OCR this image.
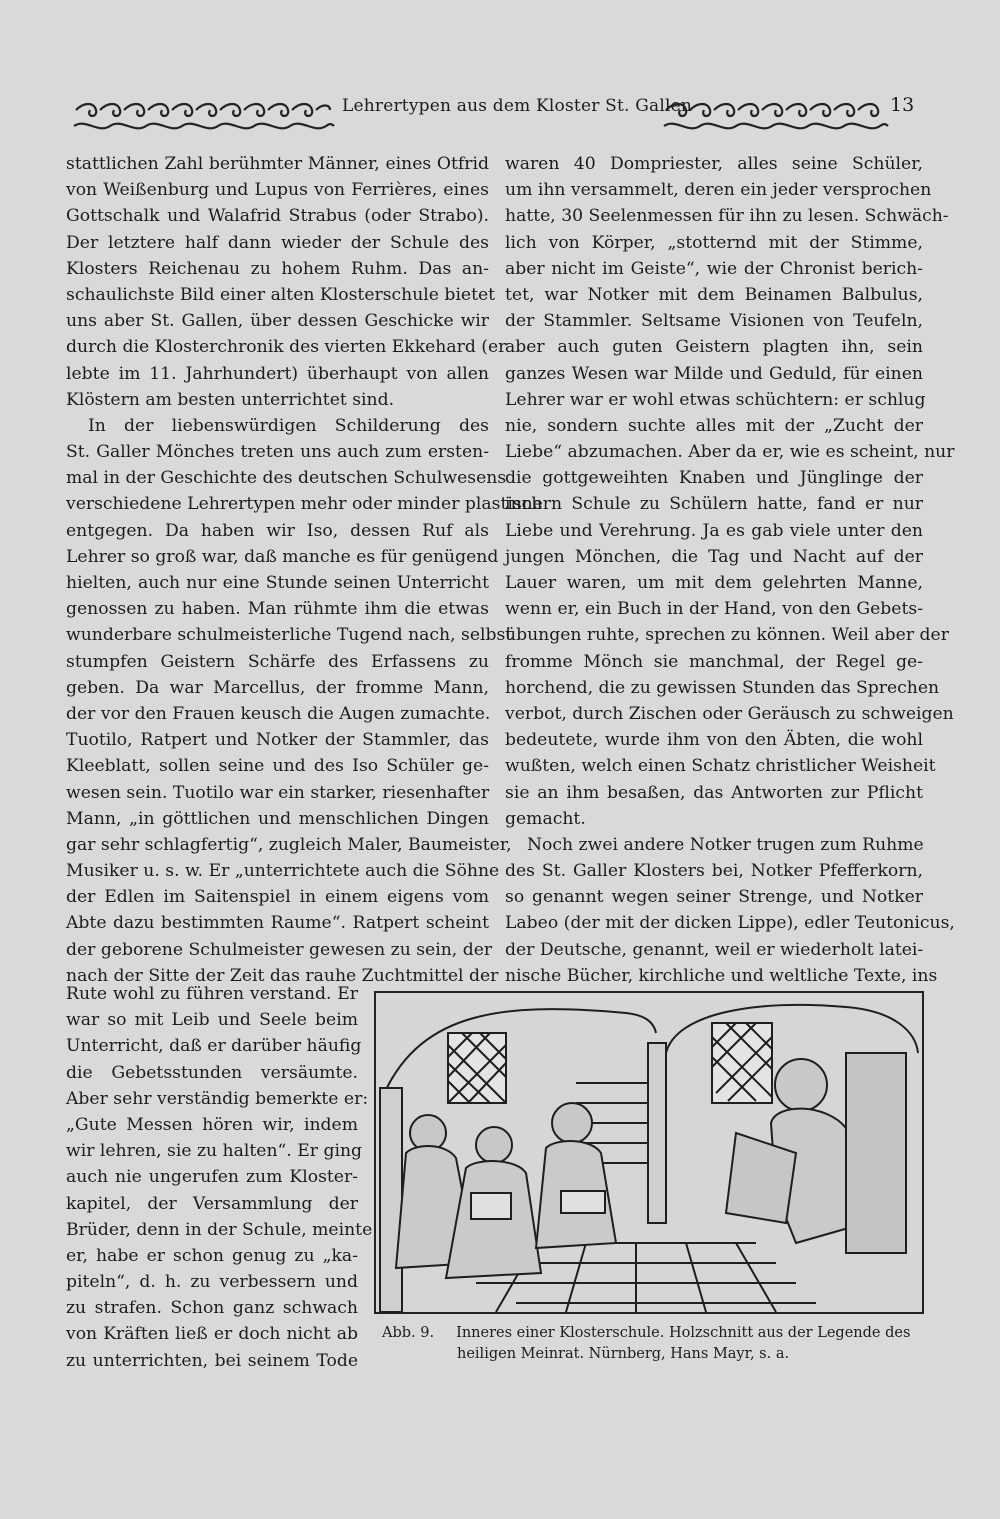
Lehrertypen aus dem Kloster St. Gallen	13
stattlichen Zahl berühmter Männer, eines Otfrid
von Weißenburg und Lupus von Ferrières, eines
Gottschalk und Walafrid Strabus (oder Strabo).
Der letztere half dann wieder der Schule des
Klosters Reichenau zu hohem Ruhm. Das an-
schaulichste Bild einer alten Klosterschule bietet
uns aber St. Gallen, über dessen Geschicke wir
durch die Klosterchronik des vierten Ekkehard (er
lebte im 11. Jahrhundert) überhaupt von allen
Klöstern am besten unterrichtet sind.
In der liebenswürdigen Schilderung des
St. Galler Mönches treten uns auch zum ersten-
mal in der Geschichte des deutschen Schulwesens
verschiedene Lehrertypen mehr oder minder plastisch
entgegen. Da haben wir Iso, dessen Ruf als
Lehrer so groß war, daß manche es für genügend
hielten, auch nur eine Stunde seinen Unterricht
genossen zu haben. Man rühmte ihm die etwas
wunderbare schulmeisterliche Tugend nach, selbst
stumpfen Geistern Schärfe des Erfassens zu
geben. Da war Marcellus, der fromme Mann,
der vor den Frauen keusch die Augen zumachte.
Tuotilo, Ratpert und Notker der Stammler, das
Kleeblatt, sollen seine und des Iso Schüler ge-
wesen sein. Tuotilo war ein starker, riesenhafter
Mann, „in göttlichen und menschlichen Dingen
gar sehr schlagfertig“, zugleich Maler, Baumeister,
Musiker u. s. w. Er „unterrichtete auch die Söhne
der Edlen im Saitenspiel in einem eigens vom
Abte dazu bestimmten Raume“. Ratpert scheint
der geborene Schulmeister gewesen zu sein, der
nach der Sitte der Zeit das rauhe Zuchtmittel der
waren 40 Dompriester, alles seine Schüler,
um ihn versammelt, deren ein jeder versprochen
hatte, 30 Seelenmessen für ihn zu lesen. Schwäch-
lich von Körper, „stotternd mit der Stimme,
aber nicht im Geiste“, wie der Chronist berich-
tet, war Notker mit dem Beinamen Balbulus,
der Stammler. Seltsame Visionen von Teufeln,
aber auch guten Geistern plagten ihn, sein
ganzes Wesen war Milde und Geduld, für einen
Lehrer war er wohl etwas schüchtern: er schlug
nie, sondern suchte alles mit der „Zucht der
Liebe“ abzumachen. Aber da er, wie es scheint, nur
die gottgeweihten Knaben und Jünglinge der
innern Schule zu Schülern hatte, fand er nur
Liebe und Verehrung. Ja es gab viele unter den
jungen Mönchen, die Tag und Nacht auf der
Lauer waren, um mit dem gelehrten Manne,
wenn er, ein Buch in der Hand, von den Gebets-
übungen ruhte, sprechen zu können. Weil aber der
fromme Mönch sie manchmal, der Regel ge-
horchend, die zu gewissen Stunden das Sprechen
verbot, durch Zischen oder Geräusch zu schweigen
bedeutete, wurde ihm von den Äbten, die wohl
wußten, welch einen Schatz christlicher Weisheit
sie an ihm besaßen, das Antworten zur Pflicht
gemacht.
Noch zwei andere Notker trugen zum Ruhme
des St. Galler Klosters bei, Notker Pfefferkorn,
so genannt wegen seiner Strenge, und Notker
Labeo (der mit der dicken Lippe), edler Teutonicus,
der Deutsche, genannt, weil er wiederholt latei-
nische Bücher, kirchliche und weltliche Texte, ins
Rute wohl zu führen verstand. Er
war so mit Leib und Seele beim
Unterricht, daß er darüber häufig
die Gebetsstunden versäumte.
Aber sehr verständig bemerkte er:
„Gute Messen hören wir, indem
wir lehren, sie zu halten“. Er ging
auch nie ungerufen zum Kloster-
kapitel, der Versammlung der
Brüder, denn in der Schule, meinte
er, habe er schon genug zu „ka-
piteln“, d. h. zu verbessern und
zu strafen. Schon ganz schwach
von Kräften ließ er doch nicht ab
zu unterrichten, bei seinem Tode
Abb. 9. Inneres einer Klosterschule. Holzschnitt aus der Legende des
heiligen Meinrat. Nürnberg, Hans Mayr, s. a.
